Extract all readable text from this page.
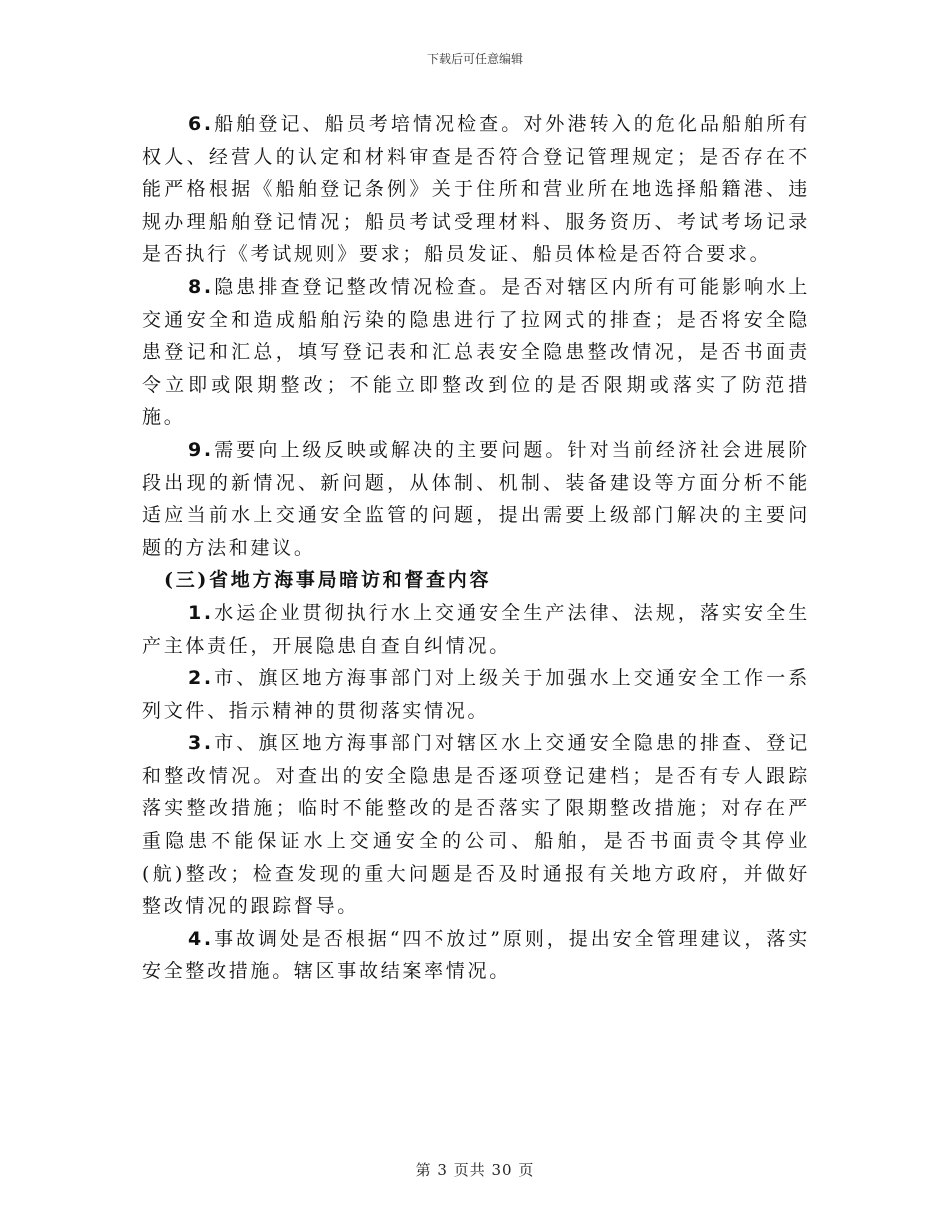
下载后可任意编辑

6.船舶登记、船员考培情况检查。对外港转入的危化品船舶所有权人、经营人的认定和材料审查是否符合登记管理规定；是否存在不能严格根据《船舶登记条例》关于住所和营业所在地选择船籍港、违规办理船舶登记情况；船员考试受理材料、服务资历、考试考场记录是否执行《考试规则》要求；船员发证、船员体检是否符合要求。

8.隐患排查登记整改情况检查。是否对辖区内所有可能影响水上交通安全和造成船舶污染的隐患进行了拉网式的排查；是否将安全隐患登记和汇总，填写登记表和汇总表安全隐患整改情况，是否书面责令立即或限期整改；不能立即整改到位的是否限期或落实了防范措施。

9.需要向上级反映或解决的主要问题。针对当前经济社会进展阶段出现的新情况、新问题，从体制、机制、装备建设等方面分析不能适应当前水上交通安全监管的问题，提出需要上级部门解决的主要问题的方法和建议。

(三)省地方海事局暗访和督查内容

1.水运企业贯彻执行水上交通安全生产法律、法规，落实安全生产主体责任，开展隐患自查自纠情况。

2.市、旗区地方海事部门对上级关于加强水上交通安全工作一系列文件、指示精神的贯彻落实情况。

3.市、旗区地方海事部门对辖区水上交通安全隐患的排查、登记和整改情况。对查出的安全隐患是否逐项登记建档；是否有专人跟踪落实整改措施；临时不能整改的是否落实了限期整改措施；对存在严重隐患不能保证水上交通安全的公司、船舶，是否书面责令其停业(航)整改；检查发现的重大问题是否及时通报有关地方政府，并做好整改情况的跟踪督导。

4.事故调处是否根据“四不放过”原则，提出安全管理建议，落实安全整改措施。辖区事故结案率情况。

第 3 页共 30 页
